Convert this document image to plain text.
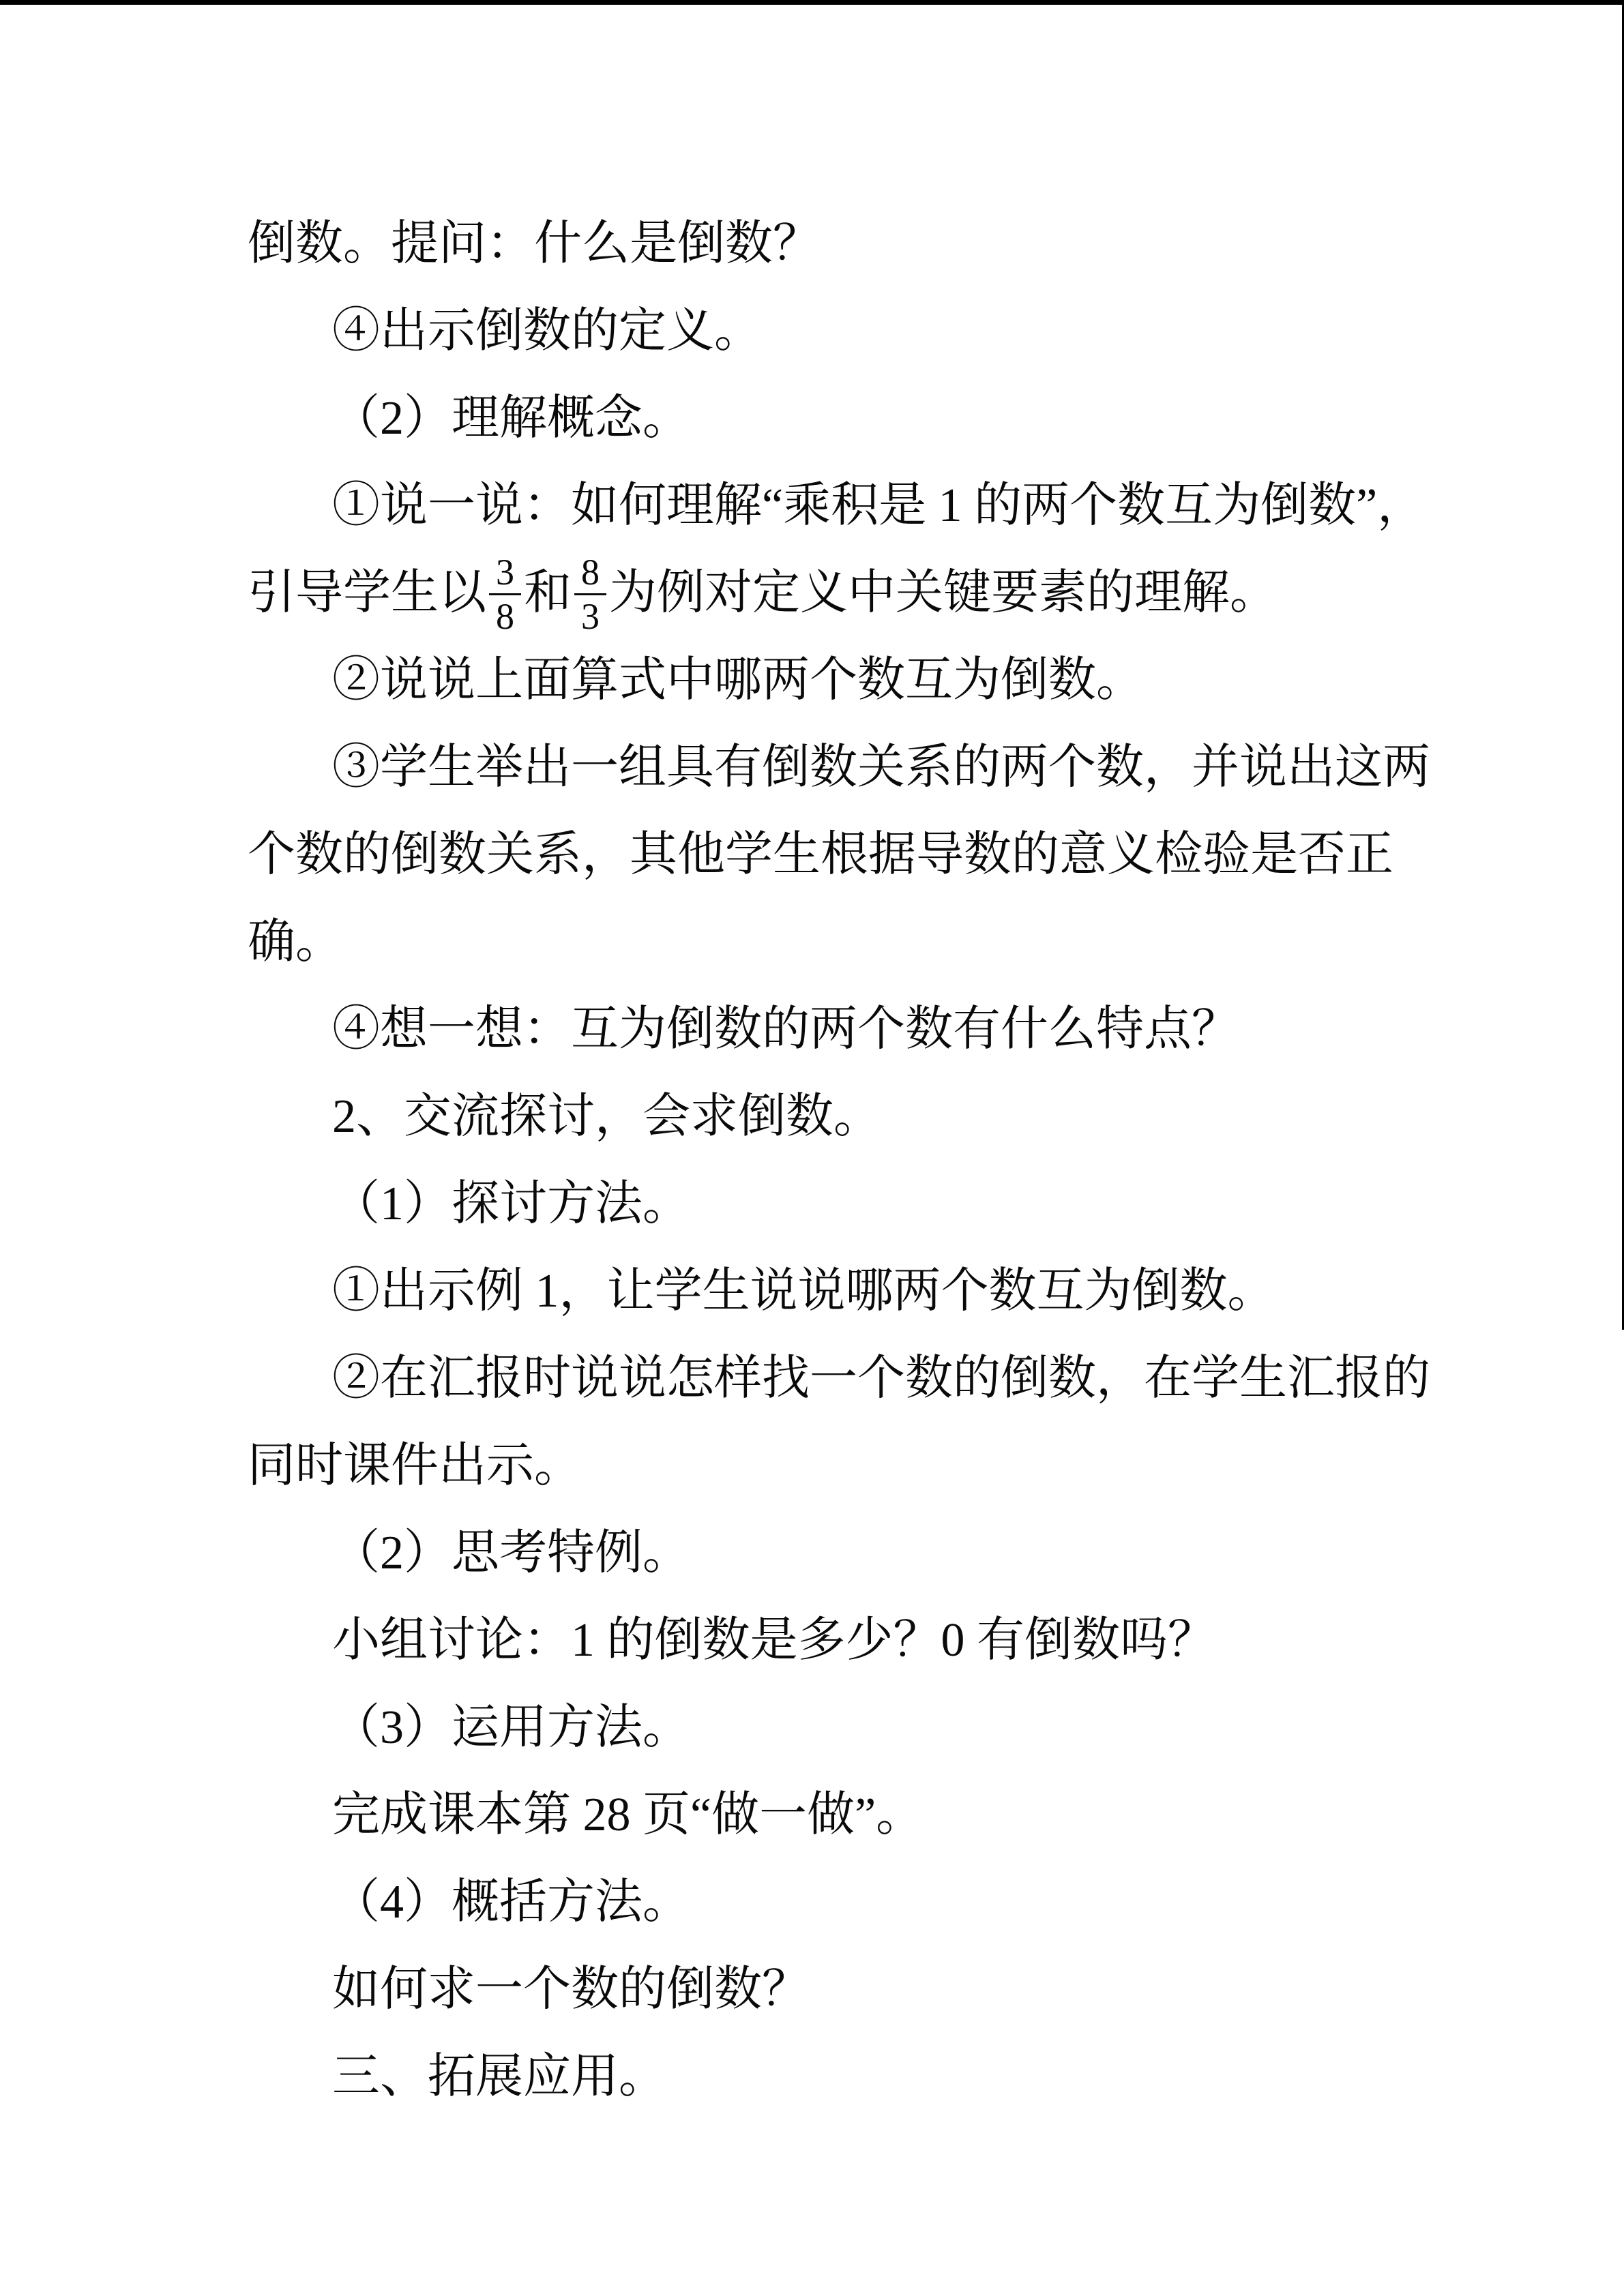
倒数。提问：什么是倒数？
④出示倒数的定义。
（2）理解概念。
①说一说：如何理解“乘积是 1 的两个数互为倒数”，
引导学生以 $\frac{3}{8}$ 和 $\frac{8}{3}$ 为例对定义中关键要素的理解。
②说说上面算式中哪两个数互为倒数。
③学生举出一组具有倒数关系的两个数，并说出这两
个数的倒数关系，其他学生根据导数的意义检验是否正
确。
④想一想：互为倒数的两个数有什么特点？
2、交流探讨，会求倒数。
（1）探讨方法。
①出示例 1，让学生说说哪两个数互为倒数。
②在汇报时说说怎样找一个数的倒数，在学生汇报的
同时课件出示。
（2）思考特例。
小组讨论：1 的倒数是多少？0 有倒数吗？
（3）运用方法。
完成课本第 28 页“做一做”。
（4）概括方法。
如何求一个数的倒数？
三、拓展应用。
